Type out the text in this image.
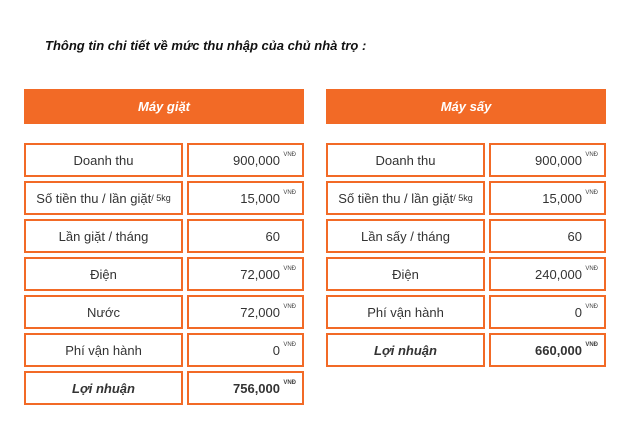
Thông tin chi tiết về mức thu nhập của chủ nhà trọ :
Máy giặt
Doanh thu	900,000 VNĐ
Số tiền thu / lần giặt / 5kg	15,000 VNĐ
Lần giặt / tháng	60
Điện	72,000 VNĐ
Nước	72,000 VNĐ
Phí vận hành	0 VNĐ
Lợi nhuận	756,000 VNĐ
Máy sấy
Doanh thu	900,000 VNĐ
Số tiền thu / lần giặt / 5kg	15,000 VNĐ
Lần sấy / tháng	60
Điện	240,000 VNĐ
Phí vận hành	0 VNĐ
Lợi nhuận	660,000 VNĐ
